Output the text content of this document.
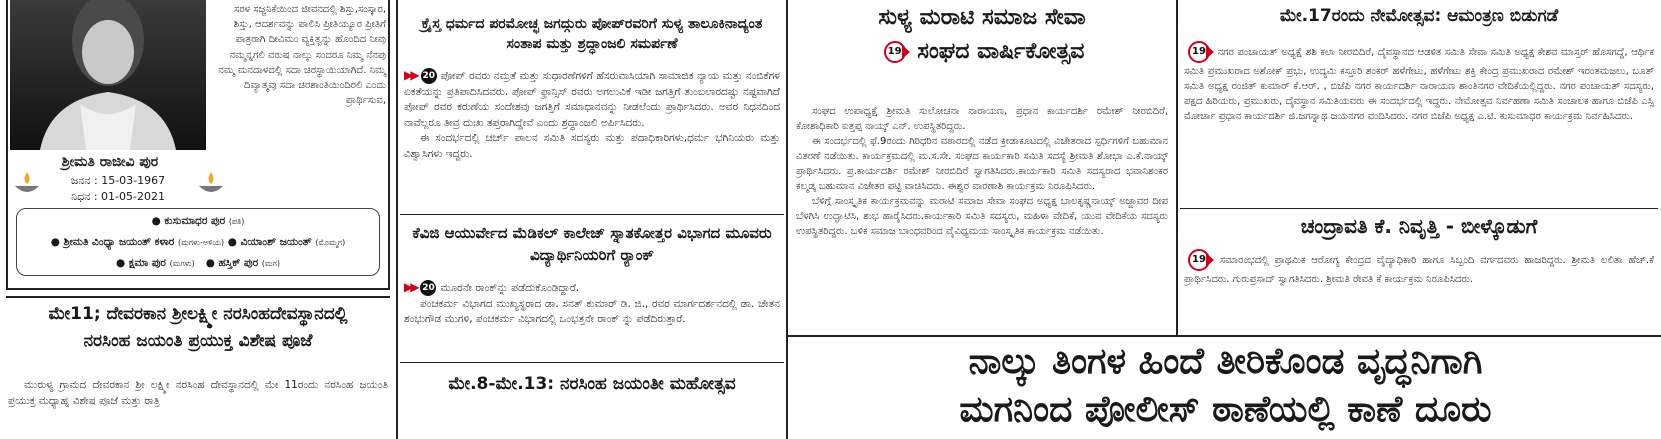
ಸರಳ ಸಜ್ಜನಿಕೆಯಿಂದ ಜೀವನದಲ್ಲಿ ಶಿಸ್ತು,ಸಂಸ್ಕಾರ, ಶಿಸ್ತು, ಆದರ್ಶವನ್ನು ಪಾಲಿಸಿ ಪ್ರೀತಿಯ್ಯೂರ ಪ್ರೀತಿಗೆ ಪಾತ್ರರಾಗಿ ದೀವಿಮಂ ವ್ಯಕ್ತಿತ್ವನ್ನು ಹೊಂದಿದ ನೀವು ನಮ್ಮನ್ನಗಲಿ ವರುಷ ನಾಲ್ಕು ಸಂದರೂ ನಿಮ್ಮ ನೆನಪು ನಮ್ಮ ಮನದಾಳದಲ್ಲಿ ಸದಾ ಚಿರಸ್ಥಾಯಿಯಾಗಿದೆ. ನಿಮ್ಮ ದಿವ್ಯಾತ್ಮವು ಸದಾ ಚಿರಶಾಂತಿಯಿಂದಿರಲಿ ಎಂದು ಪ್ರಾರ್ಥಿಸುವ,
ಶ್ರೀಮತಿ ರಾಜೀವಿ ಪುರ
ಜನನ : 15-03-1967
ನಿಧನ : 01-05-2021
● ಕುಸುಮಾಧರ ಪುರ (ಪತಿ)
● ಶ್ರೀಮತಿ ವಿಂಧ್ಯಾ ಜಯಂತ್ ಕಳಾರ (ಮಗಳು-ಅಳಿಯ) ● ವಿಯಾಂಶ್ ಜಯಂತ್ (ಮೊಮ್ಮಗ)
● ಕ್ಷಮಾ ಪುರ (ಮಗಳು) ● ಹಸ್ತಿಕ್ ಪುರ (ಮಗ)
ಮೇ11; ದೇವರಕಾನ ಶ್ರೀಲಕ್ಷ್ಮೀ ನರಸಿಂಹದೇವಸ್ಥಾನದಲ್ಲಿ
ನರಸಿಂಹ ಜಯಂತಿ ಪ್ರಯುಕ್ತ ವಿಶೇಷ ಪೂಜೆ
ಮುರುಳ್ಯ ಗ್ರಾಮದ ದೇವರಕಾನ ಶ್ರೀ ಲಕ್ಷ್ಮೀ ನರಸಿಂಹ ದೇವಸ್ಥಾನದಲ್ಲಿ ಮೇ 11ರಂದು ನರಸಿಂಹ ಜಯಂತಿ ಪ್ರಯುಕ್ತ ಮಧ್ಯಾಹ್ನ ವಿಶೇಷ ಪೂಜೆ ಮತ್ತು ರಾತ್ರಿ
ಕ್ರೈಸ್ತ ಧರ್ಮದ ಪರಮೋಚ್ಛ ಜಗದ್ಗುರು ಪೋಪ್‌ರವರಿಗೆ ಸುಳ್ಯ ತಾಲೂಕಿನಾದ್ಯಂತ ಸಂತಾಪ ಮತ್ತು ಶ್ರದ್ಧಾಂಜಲಿ ಸಮರ್ಪಣೆ
▶▶ 20 ಪೋಪ್ ರವರು ನಮ್ರತೆ ಮತ್ತು ಸುಧಾರಣೆಗಳಿಗೆ ಹೆಸರುವಾಸಿಯಾಗಿ ಸಾಮಾಜಿಕ ನ್ಯಾಯ ಮತ್ತು ನಂಬಿಕೆಗಳ ಏಕತೆಯನ್ನು ಪ್ರತಿಪಾದಿಸಿದವರು. ಪೋಪ್ ಫ್ರಾನ್ಸಿಸ್ ರವರು ಅಗಲುವಿಕೆ ಇಡೀ ಜಗತ್ತಿಗೆ ತುಂಬಲಾರದಷ್ಟು ನಷ್ಟವಾಗಿದೆ ಪೋಪ್ ರವರ ಕರುಣೆಯ ಸಂದೇಶವು ಜಗತ್ತಿಗೆ ಸಮಾಧಾನವನ್ನು ನೀಡಲೆಂದು ಪ್ರಾರ್ಥಿಸಿದರು. ಅವರ ನಿಧನದಿಂದ ನಾವೆಲ್ಲರೂ ತೀವ್ರ ದುಃಖ ತಪ್ತರಾಗಿದ್ದೇವೆ ಎಂದು ಶ್ರದ್ಧಾಂಜಲಿ ಅರ್ಪಿಸಿದರು.

ಈ ಸಂದರ್ಭದಲ್ಲಿ ಚರ್ಚ್ ಪಾಲನ ಸಮಿತಿ ಸದಸ್ಯರು ಮತ್ತು ಪದಾಧಿಕಾರಿಗಳು,ಧರ್ಮ ಭಗಿನಿಯರು ಮತ್ತು ವಿಶ್ವಾಸಿಗಳು ಇದ್ದರು.

ಕೆವಿಜಿ ಆಯುರ್ವೇದ ಮೆಡಿಕಲ್ ಕಾಲೇಜ್ ಸ್ನಾತಕೋತ್ತರ ವಿಭಾಗದ ಮೂವರು ವಿದ್ಯಾರ್ಥಿನಿಯರಿಗೆ ರ್‍ಯಾಂಕ್
▶▶ 20 ಮೂರನೇ ರಾಂಕ್‌ನ್ನು ಪಡೆದುಕೊಂಡಿದ್ದಾರೆ.

ಪಂಚಕರ್ಮ ವಿಭಾಗದ ಮುಖ್ಯಸ್ಥರಾದ ಡಾ. ಸನತ್ ಕುಮಾರ್ ಡಿ. ಜಿ., ರವರ ಮಾರ್ಗದರ್ಶನದಲ್ಲಿ ಡಾ. ಚೇತನ ಶಂಭುಗೌಡ ಮುಗಳಿ, ಪಂಚಕರ್ಮ ವಿಭಾಗದಲ್ಲಿ ಒಂಭತ್ತನೇ ರಾಂಕ್ ನ್ನು ಪಡೆದಿರುತ್ತಾರೆ.

ಮೇ.8-ಮೇ.13: ನರಸಿಂಹ ಜಯಂತೀ ಮಹೋತ್ಸವ
ಸುಳ್ಯ ಮರಾಟಿ ಸಮಾಜ ಸೇವಾ
19 ಸಂಘದ ವಾರ್ಷಿಕೋತ್ಸವ

ಸಂಘದ ಉಪಾಧ್ಯಕ್ಷೆ ಶ್ರೀಮತಿ ಸುಲೋಚನಾ ನಾರಾಯಣ, ಪ್ರಧಾನ ಕಾರ್ಯದರ್ಶಿ ರಮೇಶ್ ನೀರಬಿದಿರೆ, ಕೋಶಾಧಿಕಾರಿ ಐತ್ತಪ್ಪ ನಾಯ್ಕ್ ಎನ್. ಉಪಸ್ಥಿತರಿದ್ದರು.

ಈ ಸಂದರ್ಭದಲ್ಲಿ ಫೆ.9ರಂದು ಗಿರಿಧರಿನ ವಠಾರದಲ್ಲಿ ನಡೆದ ಕ್ರೀಡಾಕೂಟದಲ್ಲಿ ವಿಜೇತರಾದ ಸ್ಪರ್ಧಿಗಳಿಗೆ ಬಹುಮಾನ ವಿತರಣೆ ನಡೆಯಿತು. ಕಾರ್ಯಕ್ರಮದಲ್ಲಿ ಮ.ಸ.ಸೇ. ಸಂಘದ ಕಾರ್ಯಕಾರಿ ಸಮಿತಿ ಸದಸ್ಯೆ ಶ್ರೀಮತಿ ಶೋಭಾ ಎ.ಕೆ.ನಾಯ್ಕ್ ಪ್ರಾರ್ಥಿಸಿದರು. ಪ್ರ.ಕಾರ್ಯದರ್ಶಿ ರಮೇಶ್ ನೀರಬಿದಿರೆ ಸ್ವಾಗತಿಸಿದರು.ಕಾರ್ಯಕಾರಿ ಸಮಿತಿ ಸದಸ್ಯರಾದ ಭವಾನಿಶಂಕರ ಕಲ್ಮಡ್ಕ ಬಹುಮಾನ ವಿಜೇತರ ಪಟ್ಟಿ ವಾಚಿಸಿದರು. ಈಶ್ವರ ವಾರಣಾಶಿ ಕಾರ್ಯಕ್ರಮ ನಿರೂಪಿಸಿದರು.

ಬೆಳಿಗ್ಗೆ ಸಾಂಸ್ಕೃತಿಕ ಕಾರ್ಯಕ್ರಮವನ್ನು ಮರಾಟಿ ಸಮಾಜ ಸೇವಾ ಸಂಘದ ಅಧ್ಯಕ್ಷ ಬಾಲಕೃಷ್ಣನಾಯ್ಕ್ ಅಜ್ಜಾವರ ದೀಪ ಬೆಳಗಿಸಿ ಉದ್ಘಾಟಿಸಿ, ಶುಭ ಹಾರೈಸಿದರು.ಕಾರ್ಯಕಾರಿ ಸಮಿತಿ ಸದಸ್ಯರು, ಮಹಿಳಾ ವೇದಿಕೆ, ಯುವ ವೇದಿಕೆಯ ಸದಸ್ಯರು ಉಪಸ್ಥಿತರಿದ್ದರು. ಬಳಿಕ ಸಮಾಜ ಬಾಂಧವರಿಂದ ವೈವಿಧ್ಯಮಯ ಸಾಂಸ್ಕೃತಿಕ ಕಾರ್ಯಕ್ರಮ ನಡೆಯಿತು.

ಮೇ.17ರಂದು ನೇಮೋತ್ಸವ: ಆಮಂತ್ರಣ ಬಿಡುಗಡೆ
19	ನಗರ ಪಂಚಾಯತ್ ಅಧ್ಯಕ್ಷೆ ಶಶಿ ಕಲಾ ನೀರಬಿದಿರೆ, ದೈವಸ್ಥಾನದ ಆಡಳಿತ ಸಮಿತಿ ಸೇವಾ ಸಮಿತಿ ಅಧ್ಯಕ್ಷ ಕೇಶವ ಮಾಸ್ತರ್ ಹೊಸಗದ್ದೆ, ಆರ್ಥಿಕ ಸಮಿತಿ ಪ್ರಮುಖರಾದ ಅಶೋಕ್ ಪ್ರಭು, ಉದ್ಯಮಿ ಕಸ್ತೂರಿ ಶಂಕರ್ ಹಳೆಗೇಟು, ಹಳೆಗೇಟು ಶಕ್ತಿ ಕೇಂದ್ರ ಪ್ರಮುಖರಾದ ರಮೇಶ್ ಇರಂತಮಜಲು, ಬೂತ್ ಸಮಿತಿ ಅಧ್ಯಕ್ಷ ರಂಜಿತ್ ಕುಮಾರ್ ಕೆ.ಆರ್. , ಬಿಜೆಪಿ ನಗರ ಕಾರ್ಯದರ್ಶಿ ನಾರಾಯಣ ಶಾಂತಿನಗರ ವೇದಿಕೆಯಲ್ಲಿದ್ದರು. ನಗರ ಪಂಚಾಯತ್ ಸದಸ್ಯರು, ಪಕ್ಷದ ಹಿರಿಯರು, ಪ್ರಮುಖರು, ದೈವಸ್ಥಾನ ಸಮಿತಿಯವರು ಈ ಸಂದರ್ಭದಲ್ಲಿ ಇದ್ದರು. ನೇಮೋತ್ಸವ ನಿರ್ವಹಣಾ ಸಮಿತಿ ಸಂಚಾಲಕ ಹಾಗೂ ಬಿಜೆಪಿ ಎಸ್ಸಿ ಮೋರ್ಚಾ ಪ್ರಧಾನ ಕಾರ್ಯದರ್ಶಿ ಜಿ.ಜಗನ್ನಾಥ ಜಯನಗರ ವಂದಿಸಿದರು. ನಗರ ಬಿಜೆಪಿ ಅಧ್ಯಕ್ಷ ಎ.ಟಿ. ಕುಸುಮಾಧರ ಕಾರ್ಯಕ್ರಮ ನಿರ್ವಹಿಸಿದರು.
ಚಂದ್ರಾವತಿ ಕೆ. ನಿವೃತ್ತಿ - ಬೀಳ್ಕೊಡುಗೆ
19	ಸಮಾರಂಭದಲ್ಲಿ ಪ್ರಾಥಮಿಕ ಆರೋಗ್ಯ ಕೇಂದ್ರದ ವೈದ್ಯಾಧಿಕಾರಿ ಹಾಗೂ ಸಿಬ್ಬಂದಿ ವರ್ಗದವರು ಹಾಜರಿದ್ದರು. ಶ್ರೀಮತಿ ಲಲಿತಾ ಹೆಚ್.ಕೆ ಪ್ರಾರ್ಥಿಸಿದರು. ಗುರುಪ್ರಸಾದ್ ಸ್ವಾಗತಿಸಿದರು. ಶ್ರೀಮತಿ ರೇವತಿ ಕೆ ಕಾರ್ಯಕ್ರಮ ನಿರೂಪಿಸಿದರು.
ನಾಲ್ಕು ತಿಂಗಳ ಹಿಂದೆ ತೀರಿಕೊಂಡ ವೃದ್ಧನಿಗಾಗಿ
ಮಗನಿಂದ ಪೋಲೀಸ್ ಠಾಣೆಯಲ್ಲಿ ಕಾಣೆ ದೂರು
